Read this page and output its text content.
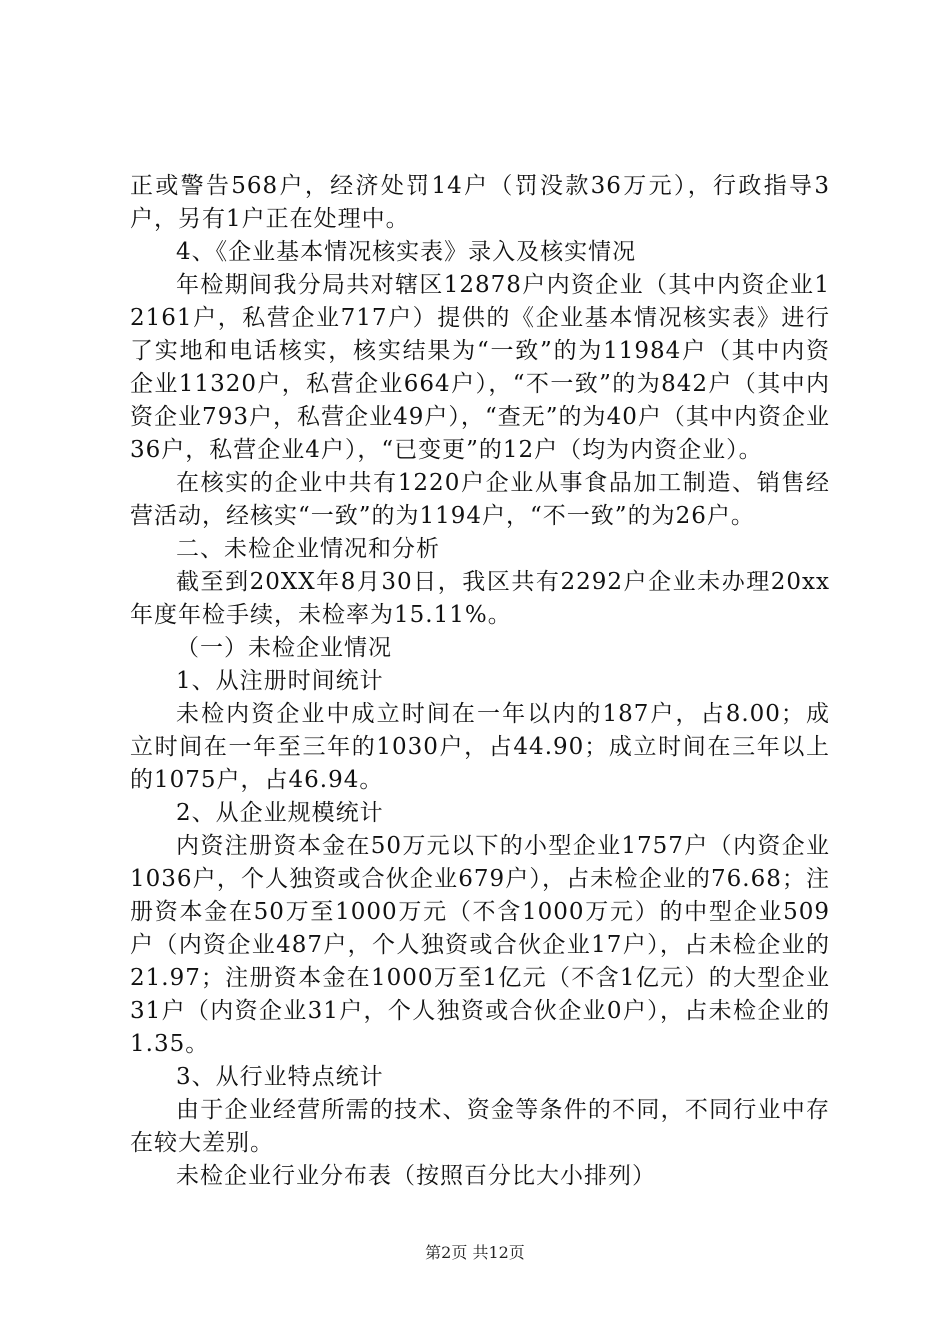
正或警告568户，经济处罚14户（罚没款36万元），行政指导3户，另有1户正在处理中。

4、《企业基本情况核实表》录入及核实情况

年检期间我分局共对辖区12878户内资企业（其中内资企业12161户，私营企业717户）提供的《企业基本情况核实表》进行了实地和电话核实，核实结果为“一致”的为11984户（其中内资企业11320户，私营企业664户），“不一致”的为842户（其中内资企业793户，私营企业49户），“查无”的为40户（其中内资企业36户，私营企业4户），“已变更”的12户（均为内资企业）。

在核实的企业中共有1220户企业从事食品加工制造、销售经营活动，经核实“一致”的为1194户，“不一致”的为26户。

二、未检企业情况和分析

截至到20XX年8月30日，我区共有2292户企业未办理20xx年度年检手续，未检率为15.11%。

（一）未检企业情况

1、从注册时间统计

未检内资企业中成立时间在一年以内的187户，占8.00；成立时间在一年至三年的1030户，占44.90；成立时间在三年以上的1075户，占46.94。

2、从企业规模统计

内资注册资本金在50万元以下的小型企业1757户（内资企业1036户，个人独资或合伙企业679户），占未检企业的76.68；注册资本金在50万至1000万元（不含1000万元）的中型企业509户（内资企业487户，个人独资或合伙企业17户），占未检企业的21.97；注册资本金在1000万至1亿元（不含1亿元）的大型企业31户（内资企业31户，个人独资或合伙企业0户），占未检企业的1.35。

3、从行业特点统计

由于企业经营所需的技术、资金等条件的不同，不同行业中存在较大差别。

未检企业行业分布表（按照百分比大小排列）

第2页 共12页
